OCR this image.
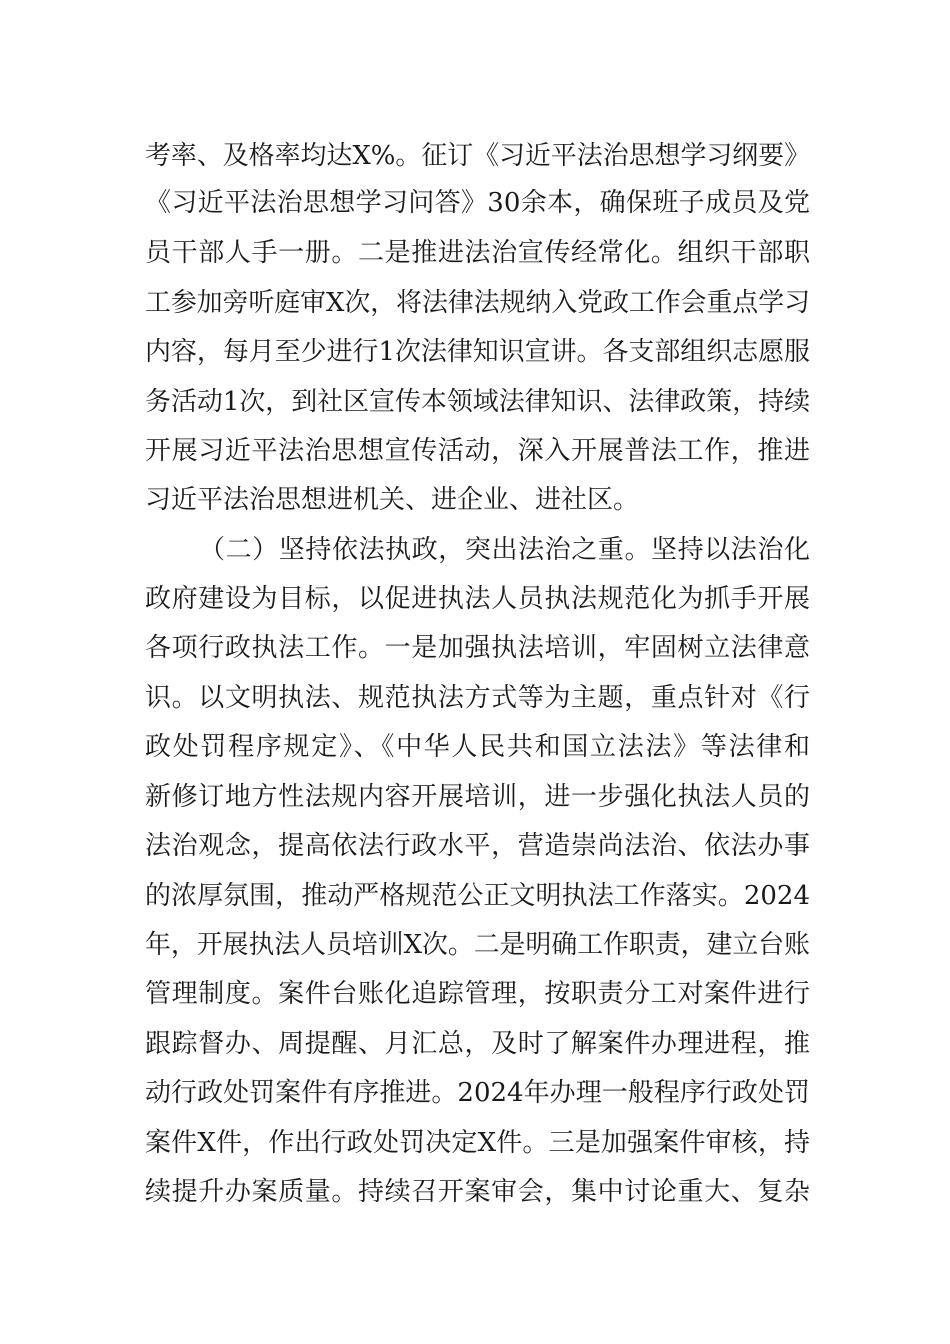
考率、及格率均达X%。征订《习近平法治思想学习纲要》
《习近平法治思想学习问答》30余本，确保班子成员及党
员干部人手一册。二是推进法治宣传经常化。组织干部职
工参加旁听庭审X次，将法律法规纳入党政工作会重点学习
内容，每月至少进行1次法律知识宣讲。各支部组织志愿服
务活动1次，到社区宣传本领域法律知识、法律政策，持续
开展习近平法治思想宣传活动，深入开展普法工作，推进
习近平法治思想进机关、进企业、进社区。
（二）坚持依法执政，突出法治之重。坚持以法治化
政府建设为目标，以促进执法人员执法规范化为抓手开展
各项行政执法工作。一是加强执法培训，牢固树立法律意
识。以文明执法、规范执法方式等为主题，重点针对《行
政处罚程序规定》、《中华人民共和国立法法》等法律和
新修订地方性法规内容开展培训，进一步强化执法人员的
法治观念，提高依法行政水平，营造崇尚法治、依法办事
的浓厚氛围，推动严格规范公正文明执法工作落实。2024
年，开展执法人员培训X次。二是明确工作职责，建立台账
管理制度。案件台账化追踪管理，按职责分工对案件进行
跟踪督办、周提醒、月汇总，及时了解案件办理进程，推
动行政处罚案件有序推进。2024年办理一般程序行政处罚
案件X件，作出行政处罚决定X件。三是加强案件审核，持
续提升办案质量。持续召开案审会，集中讨论重大、复杂
